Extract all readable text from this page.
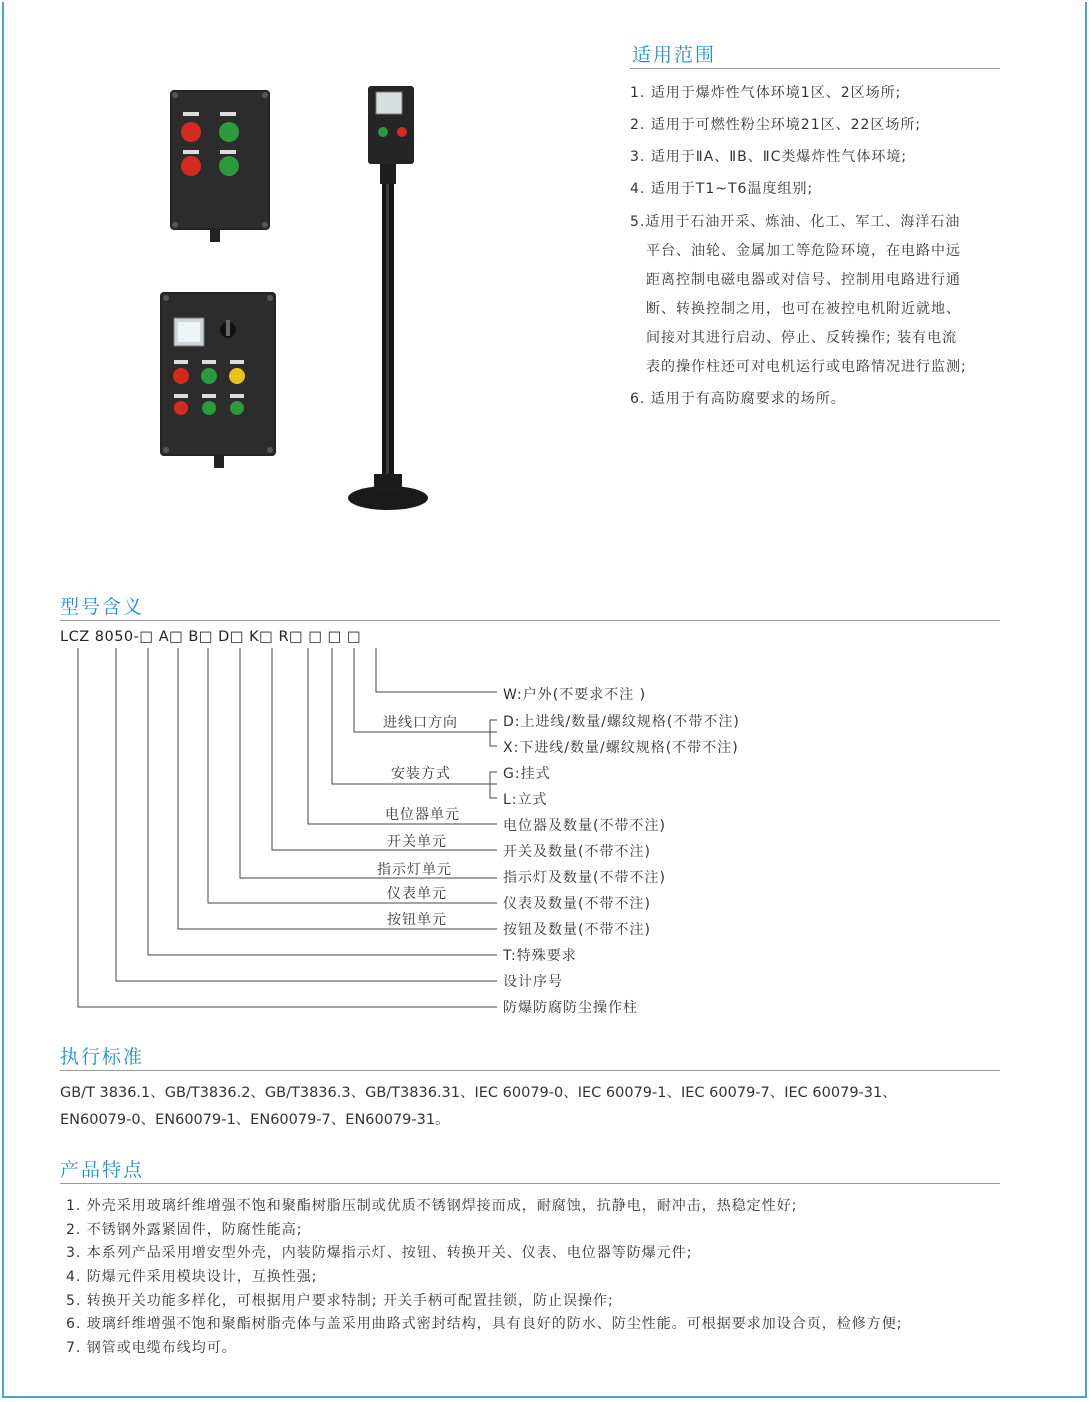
适用范围
1. 适用于爆炸性气体环境1区、2区场所;
2. 适用于可燃性粉尘环境21区、22区场所;
3. 适用于ⅡA、ⅡB、ⅡC类爆炸性气体环境;
4. 适用于T1~T6温度组别;
5.适用于石油开采、炼油、化工、军工、海洋石油
平台、油轮、金属加工等危险环境，在电路中远
距离控制电磁电器或对信号、控制用电路进行通
断、转换控制之用，也可在被控电机附近就地、
间接对其进行启动、停止、反转操作; 装有电流
表的操作柱还可对电机运行或电路情况进行监测;
6. 适用于有高防腐要求的场所。
型号含义
LCZ 8050-□ A□ B□ D□ K□ R□ □ □ □
W:户外(不要求不注 )
D:上进线/数量/螺纹规格(不带不注)
X:下进线/数量/螺纹规格(不带不注)
G:挂式
L:立式
电位器及数量(不带不注)
开关及数量(不带不注)
指示灯及数量(不带不注)
仪表及数量(不带不注)
按钮及数量(不带不注)
T:特殊要求
设计序号
防爆防腐防尘操作柱
进线口方向
安装方式
电位器单元
开关单元
指示灯单元
仪表单元
按钮单元
执行标准
GB/T 3836.1、GB/T3836.2、GB/T3836.3、GB/T3836.31、IEC 60079-0、IEC 60079-1、IEC 60079-7、IEC 60079-31、
EN60079-0、EN60079-1、EN60079-7、EN60079-31。
产品特点
1. 外壳采用玻璃纤维增强不饱和聚酯树脂压制或优质不锈钢焊接而成，耐腐蚀，抗静电，耐冲击，热稳定性好;
2. 不锈钢外露紧固件，防腐性能高;
3. 本系列产品采用增安型外壳，内装防爆指示灯、按钮、转换开关、仪表、电位器等防爆元件;
4. 防爆元件采用模块设计，互换性强;
5. 转换开关功能多样化，可根据用户要求特制; 开关手柄可配置挂锁，防止误操作;
6. 玻璃纤维增强不饱和聚酯树脂壳体与盖采用曲路式密封结构，具有良好的防水、防尘性能。可根据要求加设合页，检修方便;
7. 钢管或电缆布线均可。
